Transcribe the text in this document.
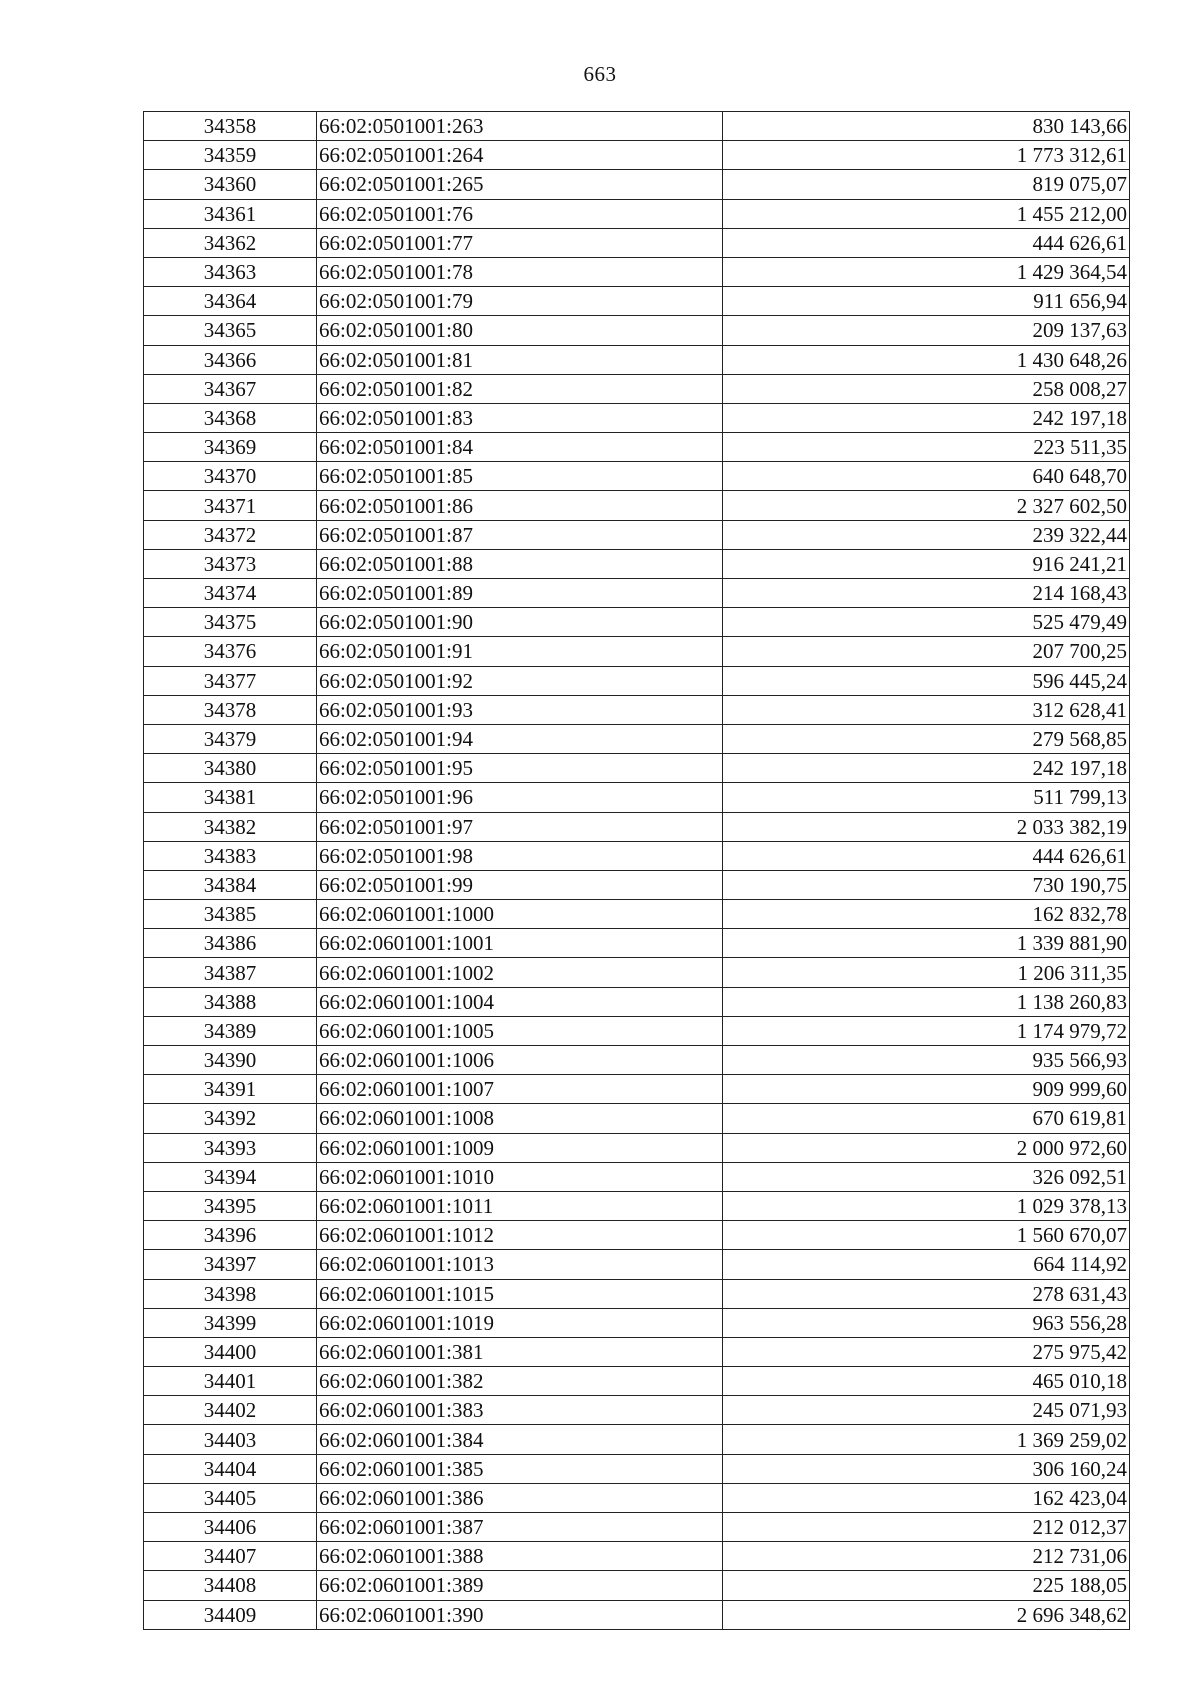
663
34358	66:02:0501001:263	830 143,66
34359	66:02:0501001:264	1 773 312,61
34360	66:02:0501001:265	819 075,07
34361	66:02:0501001:76	1 455 212,00
34362	66:02:0501001:77	444 626,61
34363	66:02:0501001:78	1 429 364,54
34364	66:02:0501001:79	911 656,94
34365	66:02:0501001:80	209 137,63
34366	66:02:0501001:81	1 430 648,26
34367	66:02:0501001:82	258 008,27
34368	66:02:0501001:83	242 197,18
34369	66:02:0501001:84	223 511,35
34370	66:02:0501001:85	640 648,70
34371	66:02:0501001:86	2 327 602,50
34372	66:02:0501001:87	239 322,44
34373	66:02:0501001:88	916 241,21
34374	66:02:0501001:89	214 168,43
34375	66:02:0501001:90	525 479,49
34376	66:02:0501001:91	207 700,25
34377	66:02:0501001:92	596 445,24
34378	66:02:0501001:93	312 628,41
34379	66:02:0501001:94	279 568,85
34380	66:02:0501001:95	242 197,18
34381	66:02:0501001:96	511 799,13
34382	66:02:0501001:97	2 033 382,19
34383	66:02:0501001:98	444 626,61
34384	66:02:0501001:99	730 190,75
34385	66:02:0601001:1000	162 832,78
34386	66:02:0601001:1001	1 339 881,90
34387	66:02:0601001:1002	1 206 311,35
34388	66:02:0601001:1004	1 138 260,83
34389	66:02:0601001:1005	1 174 979,72
34390	66:02:0601001:1006	935 566,93
34391	66:02:0601001:1007	909 999,60
34392	66:02:0601001:1008	670 619,81
34393	66:02:0601001:1009	2 000 972,60
34394	66:02:0601001:1010	326 092,51
34395	66:02:0601001:1011	1 029 378,13
34396	66:02:0601001:1012	1 560 670,07
34397	66:02:0601001:1013	664 114,92
34398	66:02:0601001:1015	278 631,43
34399	66:02:0601001:1019	963 556,28
34400	66:02:0601001:381	275 975,42
34401	66:02:0601001:382	465 010,18
34402	66:02:0601001:383	245 071,93
34403	66:02:0601001:384	1 369 259,02
34404	66:02:0601001:385	306 160,24
34405	66:02:0601001:386	162 423,04
34406	66:02:0601001:387	212 012,37
34407	66:02:0601001:388	212 731,06
34408	66:02:0601001:389	225 188,05
34409	66:02:0601001:390	2 696 348,62
